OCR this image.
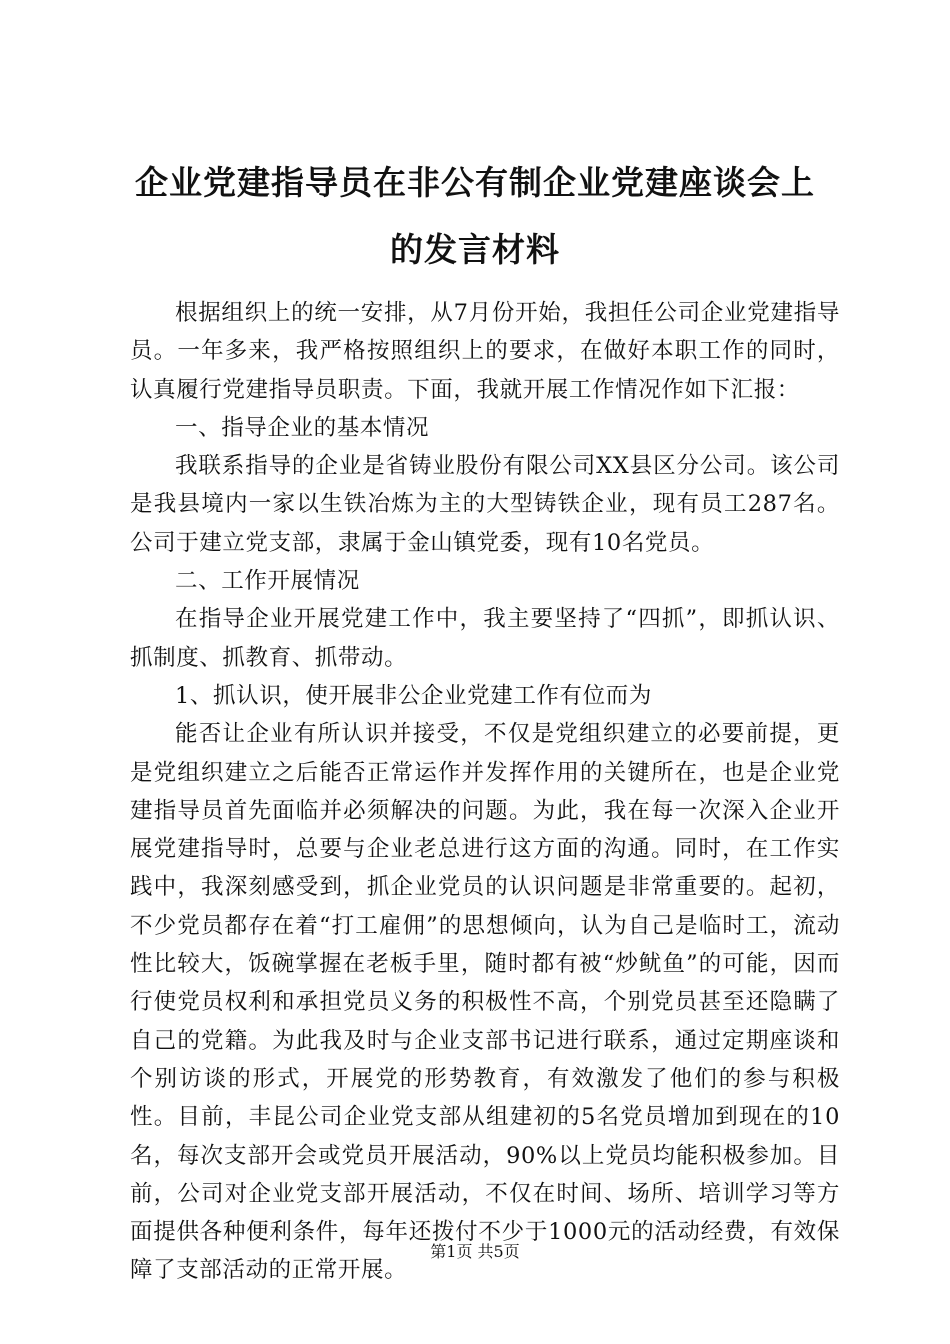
企业党建指导员在非公有制企业党建座谈会上
的发言材料

根据组织上的统一安排，从7月份开始，我担任公司企业党建指导员。一年多来，我严格按照组织上的要求，在做好本职工作的同时，认真履行党建指导员职责。下面，我就开展工作情况作如下汇报：

一、指导企业的基本情况

我联系指导的企业是省铸业股份有限公司XX县区分公司。该公司是我县境内一家以生铁冶炼为主的大型铸铁企业，现有员工287名。公司于建立党支部，隶属于金山镇党委，现有10名党员。

二、工作开展情况

在指导企业开展党建工作中，我主要坚持了“四抓”，即抓认识、抓制度、抓教育、抓带动。

1、抓认识，使开展非公企业党建工作有位而为

能否让企业有所认识并接受，不仅是党组织建立的必要前提，更是党组织建立之后能否正常运作并发挥作用的关键所在，也是企业党建指导员首先面临并必须解决的问题。为此，我在每一次深入企业开展党建指导时，总要与企业老总进行这方面的沟通。同时，在工作实践中，我深刻感受到，抓企业党员的认识问题是非常重要的。起初，不少党员都存在着“打工雇佣”的思想倾向，认为自己是临时工，流动性比较大，饭碗掌握在老板手里，随时都有被“炒鱿鱼”的可能，因而行使党员权利和承担党员义务的积极性不高，个别党员甚至还隐瞒了自己的党籍。为此我及时与企业支部书记进行联系，通过定期座谈和个别访谈的形式，开展党的形势教育，有效激发了他们的参与积极性。目前，丰昆公司企业党支部从组建初的5名党员增加到现在的10名，每次支部开会或党员开展活动，90%以上党员均能积极参加。目前，公司对企业党支部开展活动，不仅在时间、场所、培训学习等方面提供各种便利条件，每年还拨付不少于1000元的活动经费，有效保障了支部活动的正常开展。

第1页 共5页
